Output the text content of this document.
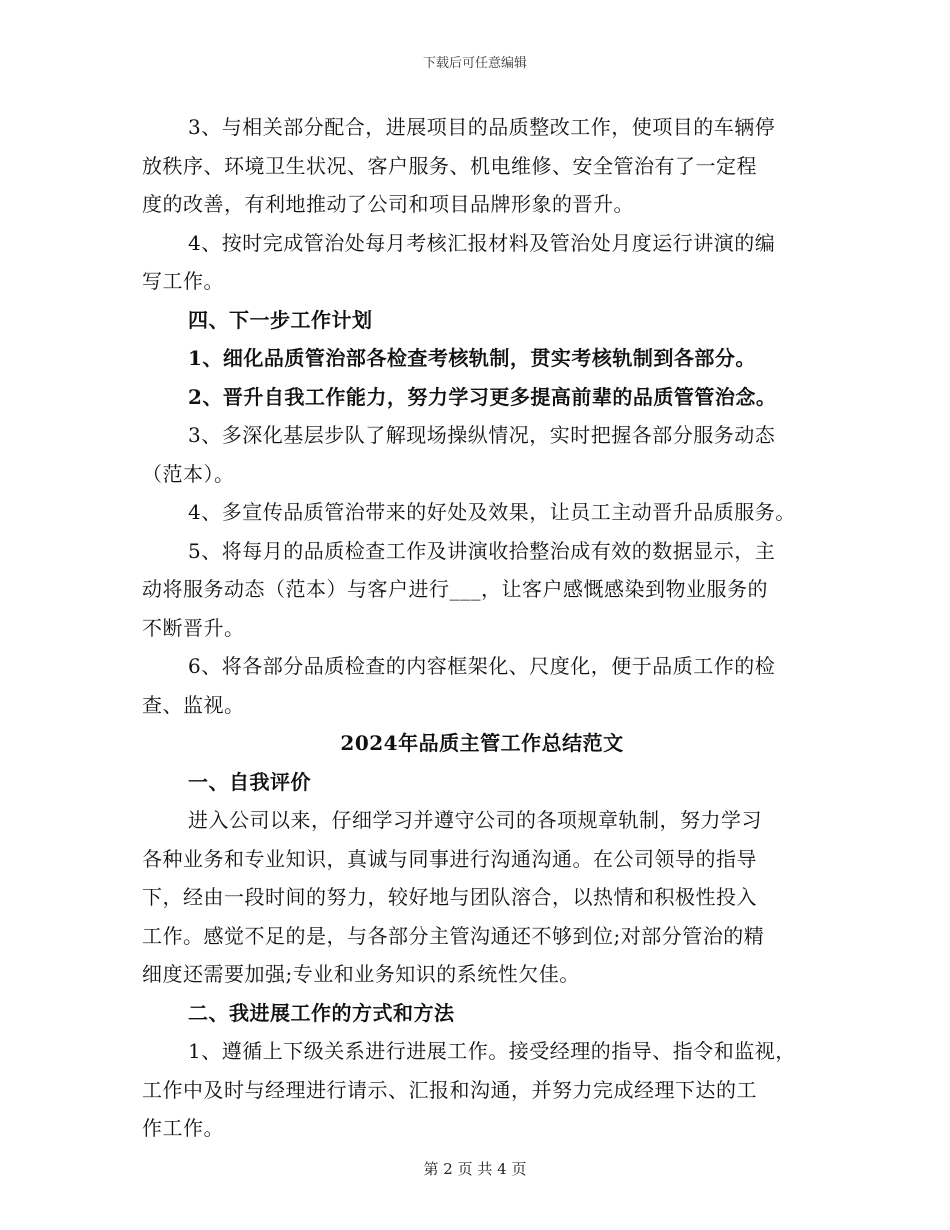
下载后可任意编辑
3、与相关部分配合，进展项目的品质整改工作，使项目的车辆停
放秩序、环境卫生状况、客户服务、机电维修、安全管治有了一定程
度的改善，有利地推动了公司和项目品牌形象的晋升。
4、按时完成管治处每月考核汇报材料及管治处月度运行讲演的编
写工作。
四、下一步工作计划
1、细化品质管治部各检查考核轨制，贯实考核轨制到各部分。
2、晋升自我工作能力，努力学习更多提高前辈的品质管管治念。
3、多深化基层步队了解现场操纵情况，实时把握各部分服务动态
（范本）。
4、多宣传品质管治带来的好处及效果，让员工主动晋升品质服务。
5、将每月的品质检查工作及讲演收拾整治成有效的数据显示，主
动将服务动态（范本）与客户进行___，让客户感慨感染到物业服务的
不断晋升。
6、将各部分品质检查的内容框架化、尺度化，便于品质工作的检
查、监视。
2024年品质主管工作总结范文
一、自我评价
进入公司以来，仔细学习并遵守公司的各项规章轨制，努力学习
各种业务和专业知识，真诚与同事进行沟通沟通。在公司领导的指导
下，经由一段时间的努力，较好地与团队溶合，以热情和积极性投入
工作。感觉不足的是，与各部分主管沟通还不够到位;对部分管治的精
细度还需要加强;专业和业务知识的系统性欠佳。
二、我进展工作的方式和方法
1、遵循上下级关系进行进展工作。接受经理的指导、指令和监视，
工作中及时与经理进行请示、汇报和沟通，并努力完成经理下达的工
作工作。
第 2 页 共 4 页
